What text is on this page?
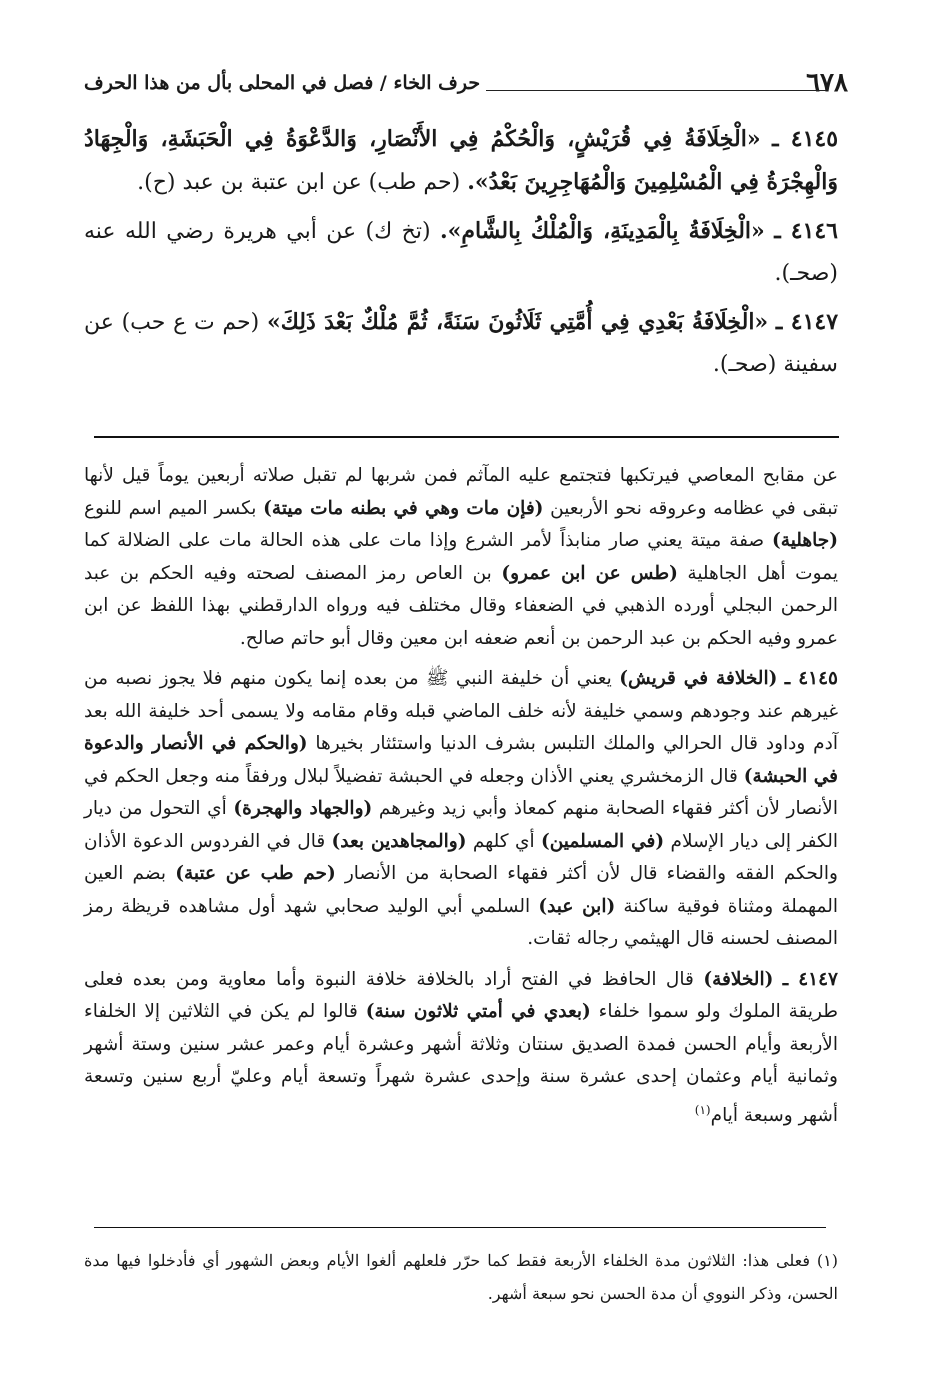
٦٧٨
حرف الخاء / فصل في المحلى بأل من هذا الحرف

٤١٤٥ ـ «الْخِلَافَةُ فِي قُرَيْشٍ، وَالْحُكْمُ فِي الأَنْصَارِ، وَالدَّعْوَةُ فِي الْحَبَشَةِ، وَالْجِهَادُ وَالْهِجْرَةُ فِي الْمُسْلِمِينَ وَالْمُهَاجِرِينَ بَعْدُ». (حم طب) عن ابن عتبة بن عبد (ح).

٤١٤٦ ـ «الْخِلَافَةُ بِالْمَدِينَةِ، وَالْمُلْكُ بِالشَّامِ». (تخ ك) عن أبي هريرة رضي الله عنه (صحـ).

٤١٤٧ ـ «الْخِلَافَةُ بَعْدِي فِي أُمَّتِي ثَلَاثُونَ سَنَةً، ثُمَّ مُلْكٌ بَعْدَ ذَلِكَ» (حم ت ع حب) عن سفينة (صحـ).

عن مقابح المعاصي فيرتكبها فتجتمع عليه المآثم فمن شربها لم تقبل صلاته أربعين يوماً قيل لأنها تبقى في عظامه وعروقه نحو الأربعين (فإن مات وهي في بطنه مات ميتة) بكسر الميم اسم للنوع (جاهلية) صفة ميتة يعني صار منابذاً لأمر الشرع وإذا مات على هذه الحالة مات على الضلالة كما يموت أهل الجاهلية (طس عن ابن عمرو) بن العاص رمز المصنف لصحته وفيه الحكم بن عبد الرحمن البجلي أورده الذهبي في الضعفاء وقال مختلف فيه ورواه الدارقطني بهذا اللفظ عن ابن عمرو وفيه الحكم بن عبد الرحمن بن أنعم ضعفه ابن معين وقال أبو حاتم صالح.

٤١٤٥ ـ (الخلافة في قريش) يعني أن خليفة النبي ﷺ من بعده إنما يكون منهم فلا يجوز نصبه من غيرهم عند وجودهم وسمي خليفة لأنه خلف الماضي قبله وقام مقامه ولا يسمى أحد خليفة الله بعد آدم وداود قال الحرالي والملك التلبس بشرف الدنيا واستئثار بخيرها (والحكم في الأنصار والدعوة في الحبشة) قال الزمخشري يعني الأذان وجعله في الحبشة تفضيلاً لبلال ورفقاً منه وجعل الحكم في الأنصار لأن أكثر فقهاء الصحابة منهم كمعاذ وأبي زيد وغيرهم (والجهاد والهجرة) أي التحول من ديار الكفر إلى ديار الإسلام (في المسلمين) أي كلهم (والمجاهدين بعد) قال في الفردوس الدعوة الأذان والحكم الفقه والقضاء قال لأن أكثر فقهاء الصحابة من الأنصار (حم طب عن عتبة) بضم العين المهملة ومثناة فوقية ساكنة (ابن عبد) السلمي أبي الوليد صحابي شهد أول مشاهده قريظة رمز المصنف لحسنه قال الهيثمي رجاله ثقات.

٤١٤٧ ـ (الخلافة) قال الحافظ في الفتح أراد بالخلافة خلافة النبوة وأما معاوية ومن بعده فعلى طريقة الملوك ولو سموا خلفاء (بعدي في أمتي ثلاثون سنة) قالوا لم يكن في الثلاثين إلا الخلفاء الأربعة وأيام الحسن فمدة الصديق سنتان وثلاثة أشهر وعشرة أيام وعمر عشر سنين وستة أشهر وثمانية أيام وعثمان إحدى عشرة سنة وإحدى عشرة شهراً وتسعة أيام وعليّ أربع سنين وتسعة أشهر وسبعة أيام$^{(١)}$

(١) فعلى هذا: الثلاثون مدة الخلفاء الأربعة فقط كما حرّر فلعلهم ألغوا الأيام وبعض الشهور أي فأدخلوا فيها مدة الحسن، وذكر النووي أن مدة الحسن نحو سبعة أشهر.
